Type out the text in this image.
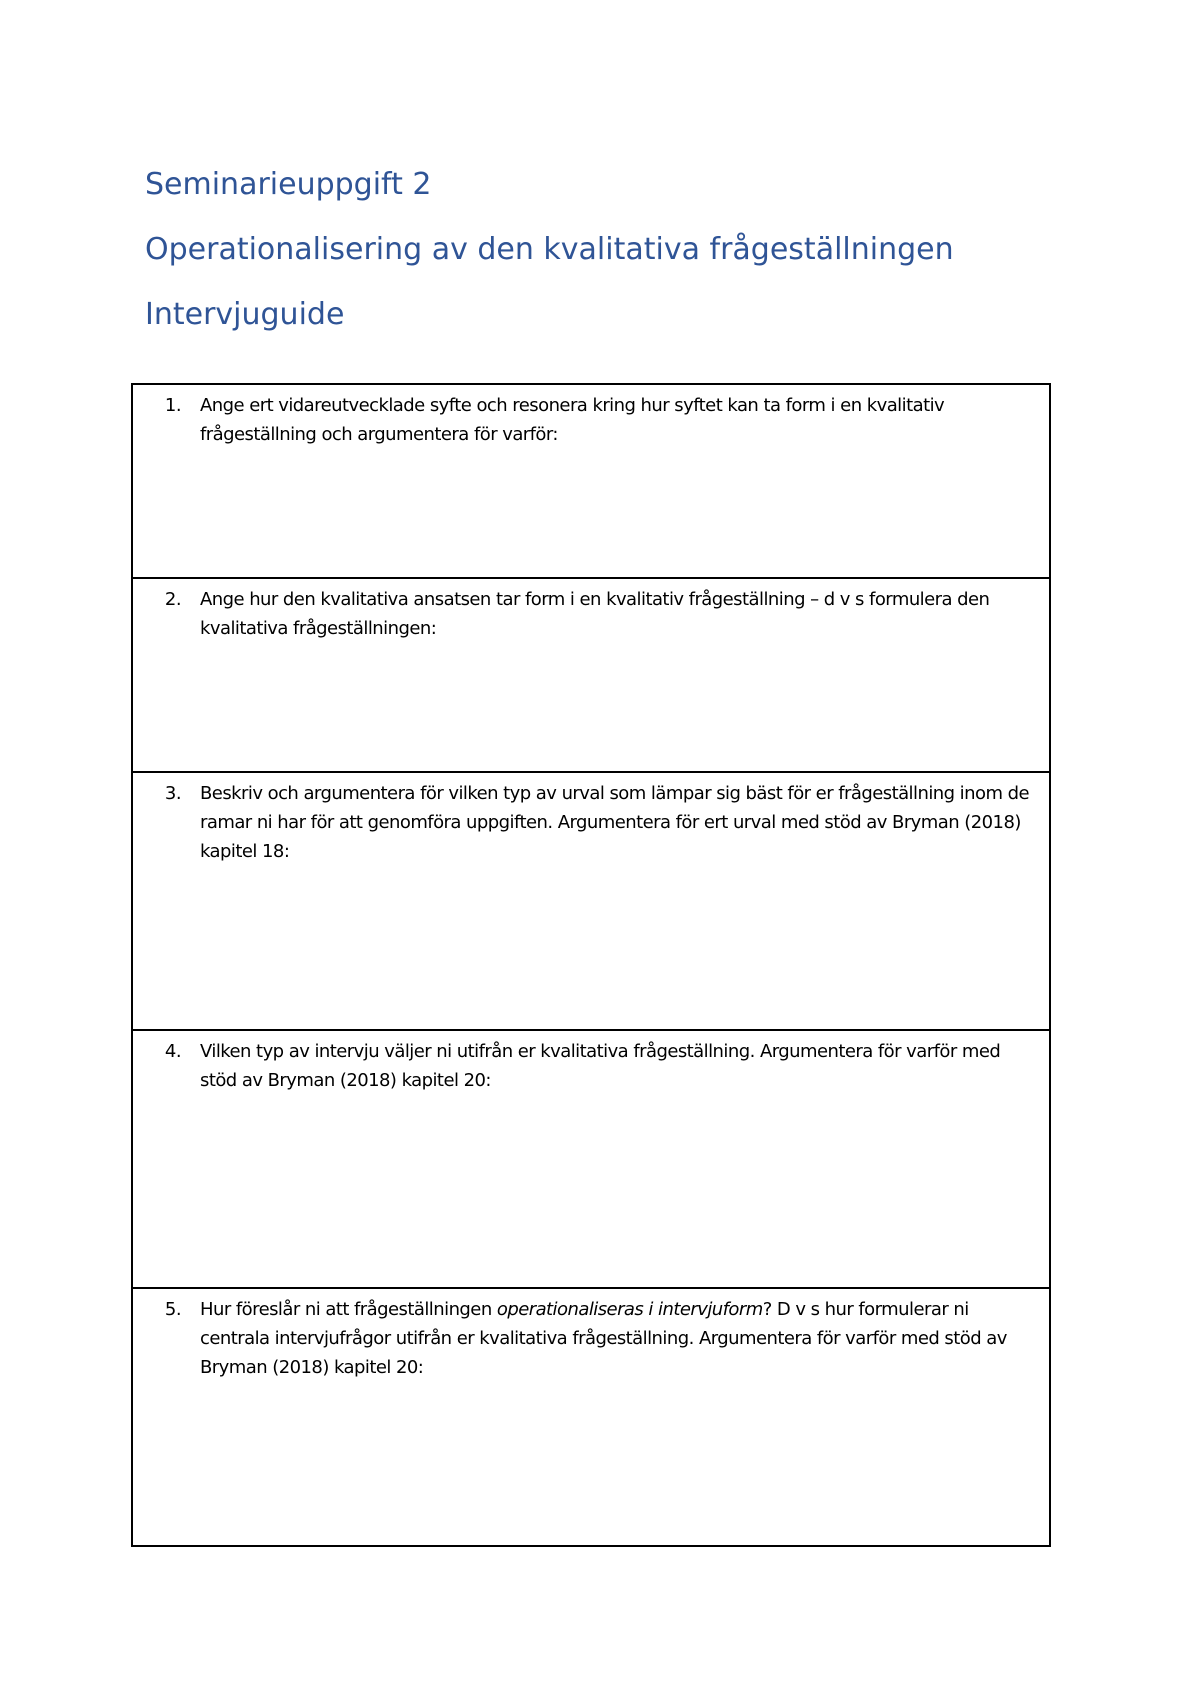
Seminarieuppgift 2
Operationalisering av den kvalitativa frågeställningen
Intervjuguide
1.	Ange ert vidareutvecklade syfte och resonera kring hur syftet kan ta form i en kvalitativ frågeställning och argumentera för varför:

2.	Ange hur den kvalitativa ansatsen tar form i en kvalitativ frågeställning – d v s formulera den kvalitativa frågeställningen:

3.	Beskriv och argumentera för vilken typ av urval som lämpar sig bäst för er frågeställning inom de ramar ni har för att genomföra uppgiften. Argumentera för ert urval med stöd av Bryman (2018) kapitel 18:

4.	Vilken typ av intervju väljer ni utifrån er kvalitativa frågeställning. Argumentera för varför med stöd av Bryman (2018) kapitel 20:

5.	Hur föreslår ni att frågeställningen operationaliseras i intervjuform? D v s hur formulerar ni centrala intervjufrågor utifrån er kvalitativa frågeställning. Argumentera för varför med stöd av Bryman (2018) kapitel 20:
